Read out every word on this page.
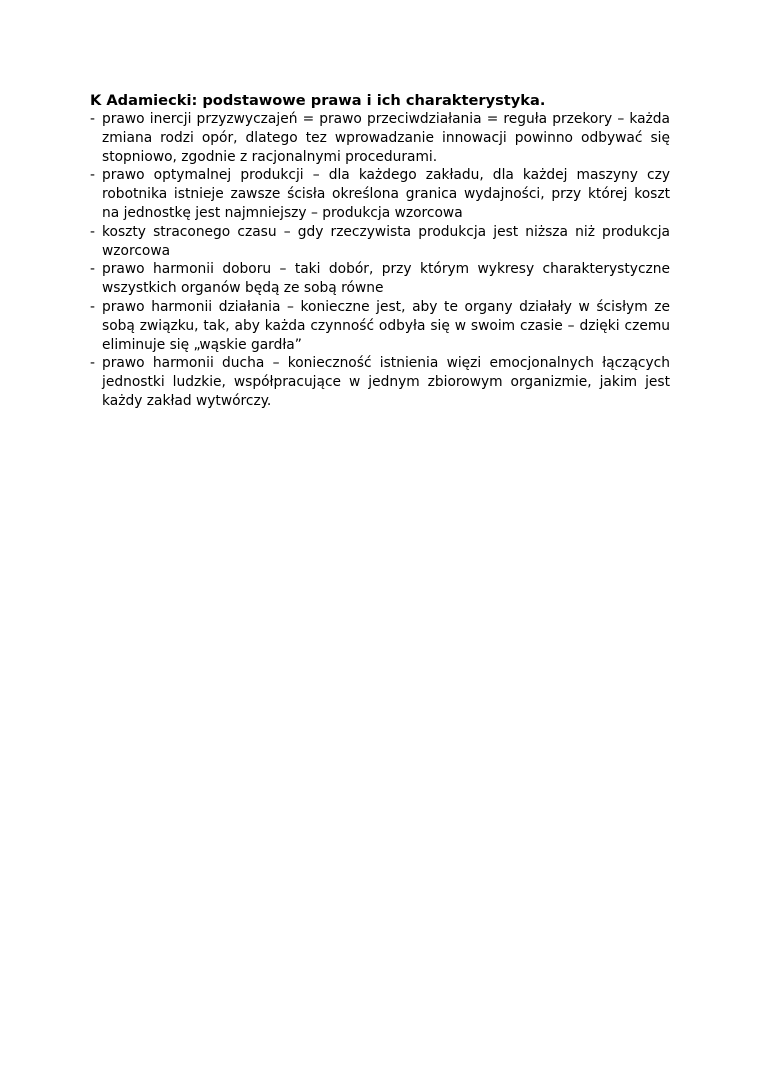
K Adamiecki: podstawowe prawa i ich charakterystyka.

- prawo inercji przyzwyczajeń = prawo przeciwdziałania = reguła przekory – każda zmiana rodzi opór, dlatego tez wprowadzanie innowacji powinno odbywać się stopniowo, zgodnie z racjonalnymi procedurami.
- prawo optymalnej produkcji – dla każdego zakładu, dla każdej maszyny czy robotnika istnieje zawsze ścisła określona granica wydajności, przy której koszt na jednostkę jest najmniejszy – produkcja wzorcowa
- koszty straconego czasu – gdy rzeczywista produkcja jest niższa niż produkcja wzorcowa
- prawo harmonii doboru – taki dobór, przy którym wykresy charakterystyczne wszystkich organów będą ze sobą równe
- prawo harmonii działania – konieczne jest, aby te organy działały w ścisłym ze sobą związku, tak, aby każda czynność odbyła się w swoim czasie – dzięki czemu eliminuje się „wąskie gardła”
- prawo harmonii ducha – konieczność istnienia więzi emocjonalnych łączących jednostki ludzkie, współpracujące w jednym zbiorowym organizmie, jakim jest każdy zakład wytwórczy.
